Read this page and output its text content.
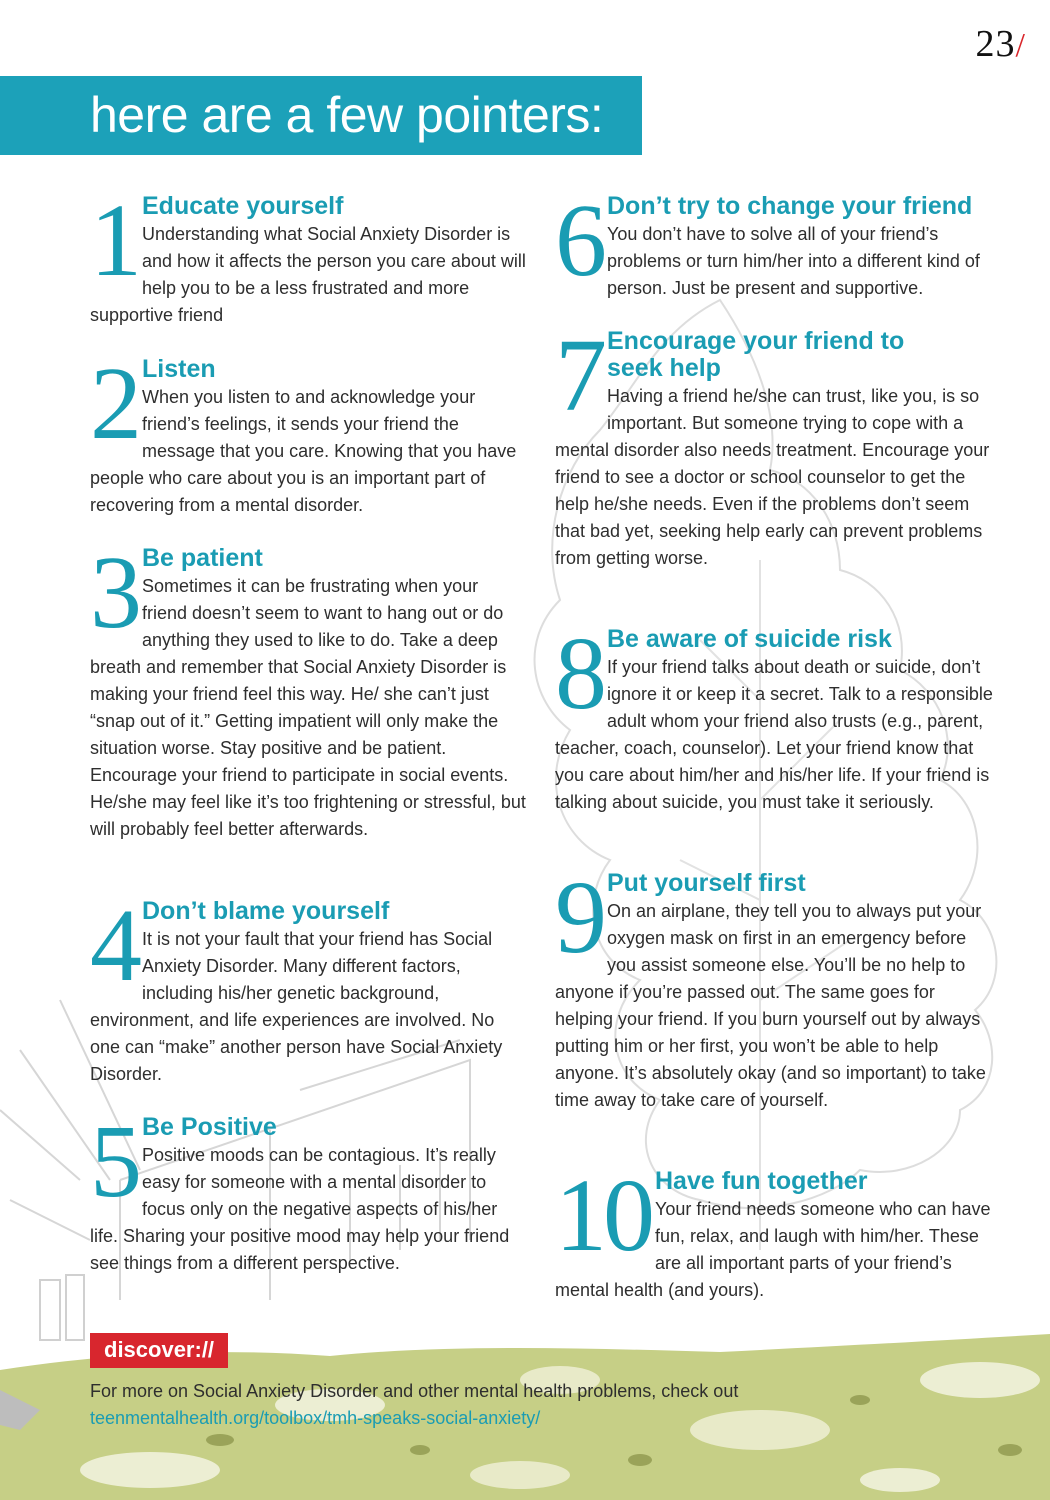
23/
here are a few pointers:
1 Educate yourself

Understanding what Social Anxiety Disorder is and how it affects the person you care about will help you to be a less frustrated and more supportive friend

2 Listen

When you listen to and acknowledge your friend’s feelings, it sends your friend the message that you care. Knowing that you have people who care about you is an important part of recovering from a mental disorder.

3 Be patient

Sometimes it can be frustrating when your friend doesn’t seem to want to hang out or do anything they used to like to do. Take a deep breath and remember that Social Anxiety Disorder is making your friend feel this way. He/ she can’t just “snap out of it.” Getting impatient will only make the situation worse. Stay positive and be patient. Encourage your friend to participate in social events. He/she may feel like it’s too frightening or stressful, but will probably feel better afterwards.

4 Don’t blame yourself

It is not your fault that your friend has Social Anxiety Disorder. Many different factors, including his/her genetic background, environment, and life experiences are involved. No one can “make” another person have Social Anxiety Disorder.

5 Be Positive

Positive moods can be contagious. It’s really easy for someone with a mental disorder to focus only on the negative aspects of his/her life. Sharing your positive mood may help your friend see things from a different perspective.

6 Don’t try to change your friend

You don’t have to solve all of your friend’s problems or turn him/her into a different kind of person. Just be present and supportive.

7 Encourage your friend to seek help

Having a friend he/she can trust, like you, is so important. But someone trying to cope with a mental disorder also needs treatment. Encourage your friend to see a doctor or school counselor to get the help he/she needs. Even if the problems don’t seem that bad yet, seeking help early can prevent problems from getting worse.

8 Be aware of suicide risk

If your friend talks about death or suicide, don’t ignore it or keep it a secret. Talk to a responsible adult whom your friend also trusts (e.g., parent, teacher, coach, counselor). Let your friend know that you care about him/her and his/her life. If your friend is talking about suicide, you must take it seriously.

9 Put yourself first

On an airplane, they tell you to always put your oxygen mask on first in an emergency before you assist someone else. You’ll be no help to anyone if you’re passed out. The same goes for helping your friend. If you burn yourself out by always putting him or her first, you won’t be able to help anyone. It’s absolutely okay (and so important) to take time away to take care of yourself.

10 Have fun together

Your friend needs someone who can have fun, relax, and laugh with him/her. These are all important parts of your friend’s mental health (and yours).

discover://
For more on Social Anxiety Disorder and other mental health problems, check out
teenmentalhealth.org/toolbox/tmh-speaks-social-anxiety/
